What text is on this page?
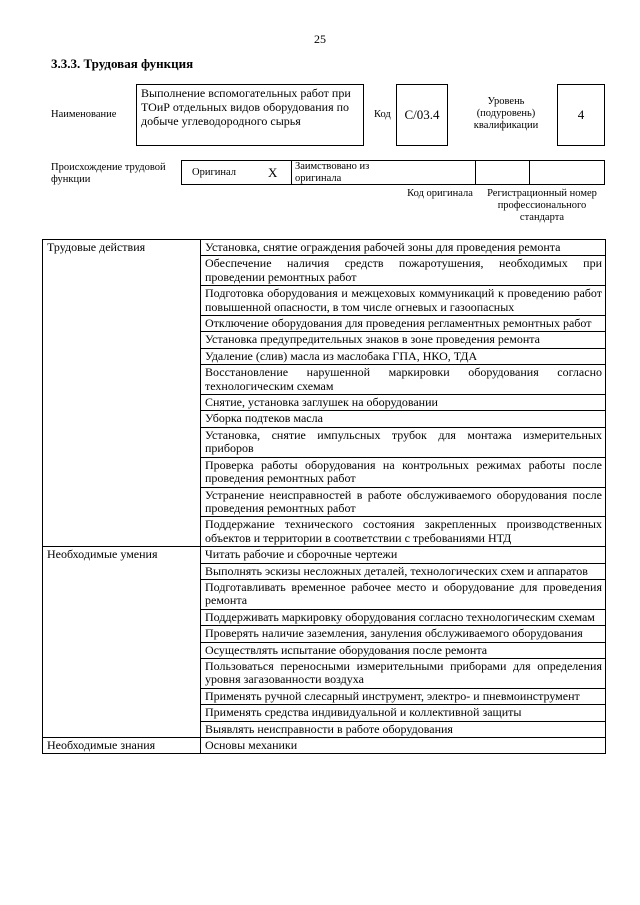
25
3.3.3. Трудовая функция
Наименование
Выполнение вспомогательных работ при ТОиР отдельных видов оборудования по добыче углеводородного сырья	Код	C/03.4
Уровень (подуровень) квалификации
4
Происхождение трудовой функции
Оригинал X Заимствовано из оригинала
Код оригинала	Регистрационный номер профессионального стандарта
Трудовые действия	Установка, снятие ограждения рабочей зоны для проведения ремонта
	Обеспечение наличия средств пожаротушения, необходимых при проведении ремонтных работ
	Подготовка оборудования и межцеховых коммуникаций к проведению работ повышенной опасности, в том числе огневых и газоопасных
	Отключение оборудования для проведения регламентных ремонтных работ
	Установка предупредительных знаков в зоне проведения ремонта
	Удаление (слив) масла из маслобака ГПА, НКО, ТДА
	Восстановление нарушенной маркировки оборудования согласно технологическим схемам
	Снятие, установка заглушек на оборудовании
	Уборка подтеков масла
	Установка, снятие импульсных трубок для монтажа измерительных приборов
	Проверка работы оборудования на контрольных режимах работы после проведения ремонтных работ
	Устранение неисправностей в работе обслуживаемого оборудования после проведения ремонтных работ
	Поддержание технического состояния закрепленных производственных объектов и территории в соответствии с требованиями НТД
Необходимые умения	Читать рабочие и сборочные чертежи
	Выполнять эскизы несложных деталей, технологических схем и аппаратов
	Подготавливать временное рабочее место и оборудование для проведения ремонта
	Поддерживать маркировку оборудования согласно технологическим схемам
	Проверять наличие заземления, зануления обслуживаемого оборудования
	Осуществлять испытание оборудования после ремонта
	Пользоваться переносными измерительными приборами для определения уровня загазованности воздуха
	Применять ручной слесарный инструмент, электро- и пневмоинструмент
	Применять средства индивидуальной и коллективной защиты
	Выявлять неисправности в работе оборудования
Необходимые знания	Основы механики
